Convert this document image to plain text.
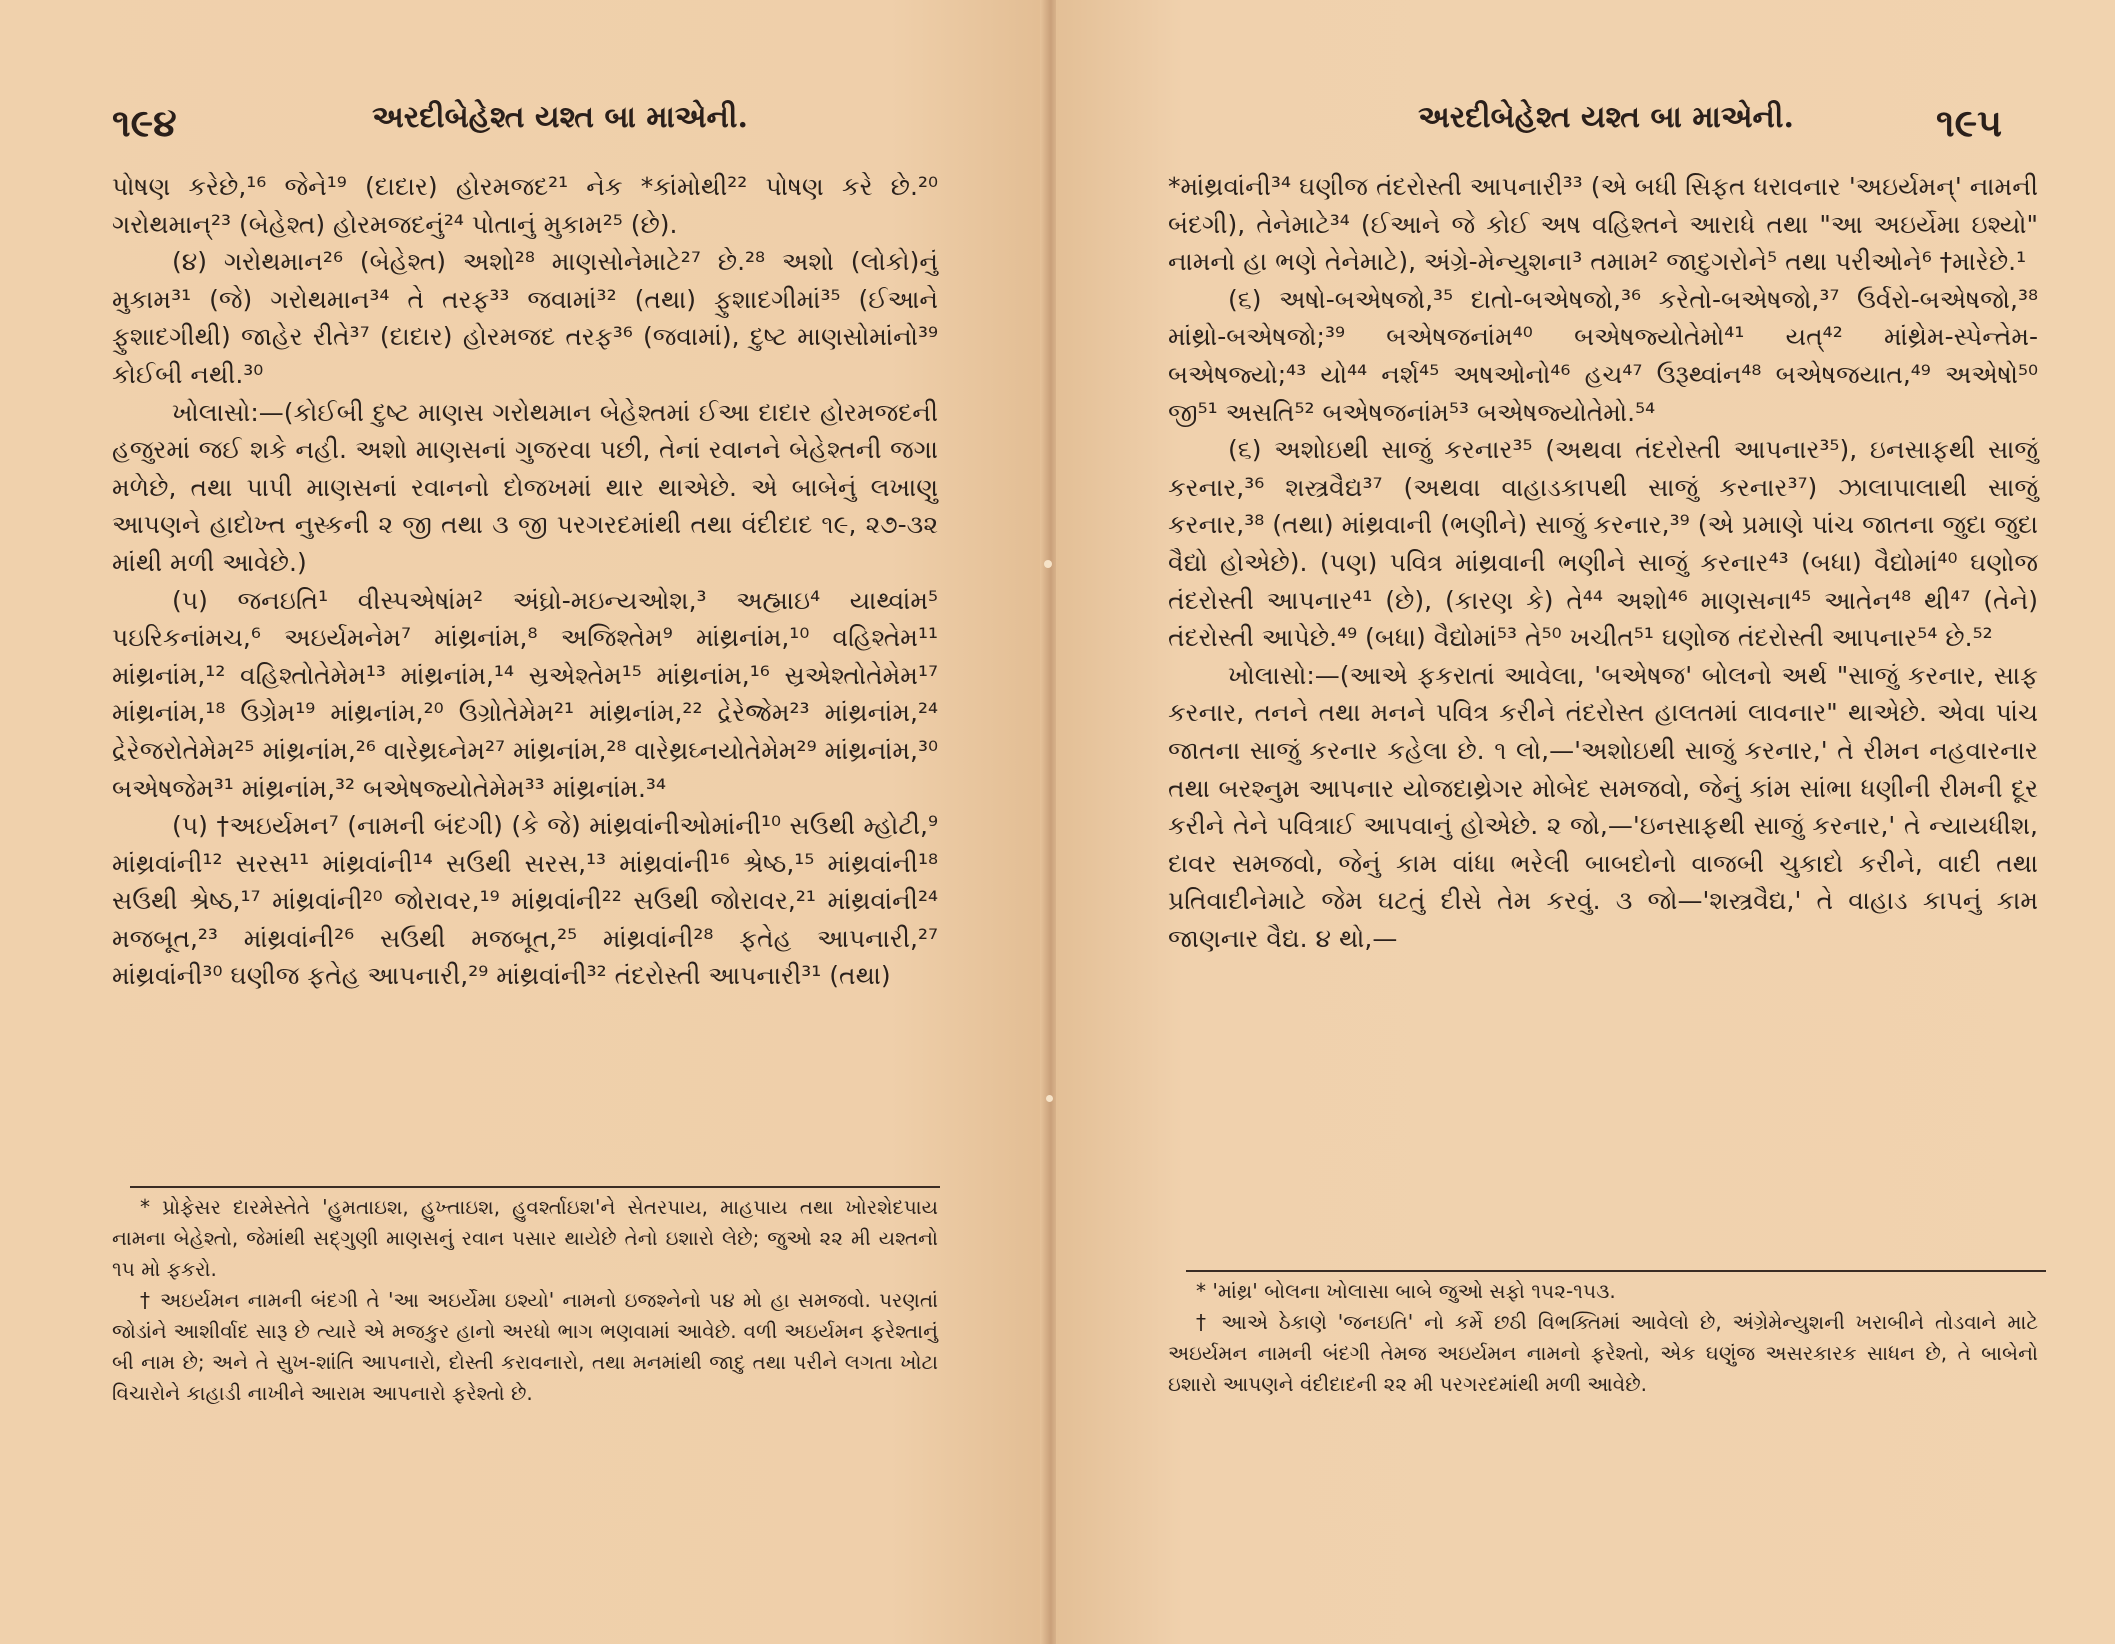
૧૯૪	અરદીબેહેશ્ત યશ્ત બા માએની.

પોષણ કરેછે,¹⁶ જેને¹⁹ (દાદાર) હોરમજદ²¹ નેક *કાંમોથી²² પોષણ કરે છે.²⁰ ગરોથમાન્²³ (બેહેશ્ત) હોરમજદનું²⁴ પોતાનું મુકામ²⁵ (છે).

(૪) ગરોથમાન²⁶ (બેહેશ્ત) અશો²⁸ માણસોનેમાટે²⁷ છે.²⁸ અશો (લોકો)નું મુકામ³¹ (જે) ગરોથમાન³⁴ તે તરફ³³ જવામાં³² (તથા) ફુશાદગીમાં³⁵ (ઈઆને ફુશાદગીથી) જાહેર રીતે³⁷ (દાદાર) હોરમજદ તરફ³⁶ (જવામાં), દુષ્ટ માણસોમાંનો³⁹ કોઈબી નથી.³⁰

ખોલાસો:—(કોઈબી દુષ્ટ માણસ ગરોથમાન બેહેશ્તમાં ઈઆ દાદાર હોરમજદની હજુરમાં જઈ શકે નહી. અશો માણસનાં ગુજરવા પછી, તેનાં રવાનને બેહેશ્તની જગા મળેછે, તથા પાપી માણસનાં રવાનનો દોજખમાં થાર થાએછે. એ બાબેનું લખાણુ આપણને હાદોખ્ત નુસ્કની ૨ જી તથા ૩ જી પરગરદમાંથી તથા વંદીદાદ ૧૯, ૨૭-૩૨ માંથી મળી આવેછે.)

(૫) જનઇતિ¹ વીસ્પએષાંમ² અંઘ્રો-મઇન્યઓશ,³ અહ્માઇ⁴ યાથ્વાંમ⁵ પઇરિકનાંમચ,⁶ અઇર્યમનેમ⁷ માંથ્રનાંમ,⁸ અજિશ્તેમ⁹ માંથ્રનાંમ,¹⁰ વહિશ્તેમ¹¹ માંથ્રનાંમ,¹² વહિશ્તોતેમેમ¹³ માંથ્રનાંમ,¹⁴ સ્રએશ્તેમ¹⁵ માંથ્રનાંમ,¹⁶ સ્રએશ્તોતેમેમ¹⁷ માંથ્રનાંમ,¹⁸ ઉગ્રેમ¹⁹ માંથ્રનાંમ,²⁰ ઉગ્રોતેમેમ²¹ માંથ્રનાંમ,²² દ્રેરેજ્રેમ²³ માંથ્રનાંમ,²⁴ દ્રેરેજરોતેમેમ²⁵ માંથ્રનાંમ,²⁶ વારેથ્રઘ્નેમ²⁷ માંથ્રનાંમ,²⁸ વારેથ્રઘ્નયોતેમેમ²⁹ માંથ્રનાંમ,³⁰ બએષજેમ³¹ માંથ્રનાંમ,³² બએષજ્યોતેમેમ³³ માંથ્રનાંમ.³⁴

(૫) †અઇર્યમન⁷ (નામની બંદગી) (કે જે) માંથ્રવાંનીઓમાંની¹⁰ સઉથી મ્હોટી,⁹ માંથ્રવાંની¹² સરસ¹¹ માંથ્રવાંની¹⁴ સઉથી સરસ,¹³ માંથ્રવાંની¹⁶ શ્રેષ્ઠ,¹⁵ માંથ્રવાંની¹⁸ સઉથી શ્રેષ્ઠ,¹⁷ માંથ્રવાંની²⁰ જોરાવર,¹⁹ માંથ્રવાંની²² સઉથી જોરાવર,²¹ માંથ્રવાંની²⁴ મજબૂત,²³ માંથ્રવાંની²⁶ સઉથી મજબૂત,²⁵ માંથ્રવાંની²⁸ ફતેહ આપનારી,²⁷ માંથ્રવાંની³⁰ ઘણીજ ફતેહ આપનારી,²⁹ માંથ્રવાંની³² તંદરોસ્તી આપનારી³¹ (તથા)

* પ્રોફેસર દારમેસ્તેતે 'હુમતાઇશ, હુખ્તાઇશ, હુવર્શ્તાઇશ'ને સેતરપાય, માહપાય તથા ખોરશેદપાય નામના બેહેશ્તો, જેમાંથી સદ્ગુણી માણસનું રવાન પસાર થાયેછે તેનો ઇશારો લેછે; જુઓ ૨૨ મી યશ્તનો ૧૫ મો ફકરો.

† અઇર્યમન નામની બંદગી તે 'આ અઇર્યેમા ઇશ્યો' નામનો ઇજશ્નેનો ૫૪ મો હા સમજવો. પરણતાં જોડાંને આશીર્વાદ સારૂ છે ત્યારે એ મજકુર હાનો અરધો ભાગ ભણવામાં આવેછે. વળી અઇર્યમન ફરેશ્તાનું બી નામ છે; અને તે સુખ-શાંતિ આપનારો, દોસ્તી કરાવનારો, તથા મનમાંથી જાદુ તથા પરીને લગતા ખોટા વિચારોને કાહાડી નાખીને આરામ આપનારો ફરેશ્તો છે.

અરદીબેહેશ્ત યશ્ત બા માએની.	૧૯૫

*માંથ્રવાંની³⁴ ઘણીજ તંદરોસ્તી આપનારી³³ (એ બધી સિફત ધરાવનાર 'અઇર્યમન્' નામની બંદગી), તેનેમાટે³⁴ (ઈઆને જે કોઈ અષ વહિશ્તને આરાધે તથા "આ અઇર્યેમા ઇશ્યો" નામનો હા ભણે તેનેમાટે), અંગ્રે-મેન્યુશના³ તમામ² જાદુગરોને⁵ તથા પરીઓને⁶ †મારેછે.¹

(૬) અષો-બએષજો,³⁵ દાતો-બએષજો,³⁶ કરેતો-બએષજો,³⁷ ઉર્વરો-બએષજો,³⁸ માંથ્રો-બએષજો;³⁹ બએષજનાંમ⁴⁰ બએષજ્યોતેમો⁴¹ યત્⁴² માંથ્રેમ-સ્પેન્તેમ-બએષજ્યો;⁴³ યો⁴⁴ નર્શ⁴⁵ અષઓનો⁴⁶ હચ⁴⁷ ઉરૂથ્વાંન⁴⁸ બએષજયાત,⁴⁹ અએષો⁵⁰ જી⁵¹ અસતિ⁵² બએષજનાંમ⁵³ બએષજ્યોતેમો.⁵⁴

(૬) અશોઇથી સાજું કરનાર³⁵ (અથવા તંદરોસ્તી આપનાર³⁵), ઇનસાફથી સાજું કરનાર,³⁶ શસ્ત્રવૈદ્ય³⁷ (અથવા વાહાડકાપથી સાજું કરનાર³⁷) ઝાલાપાલાથી સાજું કરનાર,³⁸ (તથા) માંથ્રવાની (ભણીને) સાજું કરનાર,³⁹ (એ પ્રમાણે પાંચ જાતના જુદા જુદા વૈદ્યો હોએછે). (પણ) પવિત્ર માંથ્રવાની ભણીને સાજું કરનાર⁴³ (બધા) વૈદ્યોમાં⁴⁰ ઘણોજ તંદરોસ્તી આપનાર⁴¹ (છે), (કારણ કે) તે⁴⁴ અશો⁴⁶ માણસના⁴⁵ આતેન⁴⁸ થી⁴⁷ (તેને) તંદરોસ્તી આપેછે.⁴⁹ (બધા) વૈદ્યોમાં⁵³ તે⁵⁰ ખચીત⁵¹ ઘણોજ તંદરોસ્તી આપનાર⁵⁴ છે.⁵²

ખોલાસો:—(આએ ફકરાતાં આવેલા, 'બએષજ' બોલનો અર્થ "સાજું કરનાર, સાફ કરનાર, તનને તથા મનને પવિત્ર કરીને તંદરોસ્ત હાલતમાં લાવનાર" થાએછે. એવા પાંચ જાતના સાજું કરનાર કહેલા છે. ૧ લો,—'અશોઇથી સાજું કરનાર,' તે રીમન નહવારનાર તથા બરશ્નુમ આપનાર યોજદાથ્રેગર મોબેદ સમજવો, જેનું કાંમ સાંભા ધણીની રીમની દૂર કરીને તેને પવિત્રાઈ આપવાનું હોએછે. ૨ જો,—'ઇનસાફથી સાજું કરનાર,' તે ન્યાયધીશ, દાવર સમજવો, જેનું કામ વાંધા ભરેલી બાબદોનો વાજબી ચુકાદો કરીને, વાદી તથા પ્રતિવાદીનેમાટે જેમ ઘટતું દીસે તેમ કરવું. ૩ જો—'શસ્ત્રવૈદ્ય,' તે વાહાડ કાપનું કામ જાણનાર વૈદ્ય. ૪ થો,—

* 'માંથ્ર' બોલના ખોલાસા બાબે જુઓ સફો ૧૫૨-૧૫૩.

† આએ ઠેકાણે 'જનઇતિ' નો કર્મે છઠી વિભક્તિમાં આવેલો છે, અંગ્રેમેન્યુશની ખરાબીને તોડવાને માટે અઇર્યમન નામની બંદગી તેમજ અઇર્યમન નામનો ફરેશ્તો, એક ઘણુંજ અસરકારક સાધન છે, તે બાબેનો ઇશારો આપણને વંદીદાદની ૨૨ મી પરગરદમાંથી મળી આવેછે.
